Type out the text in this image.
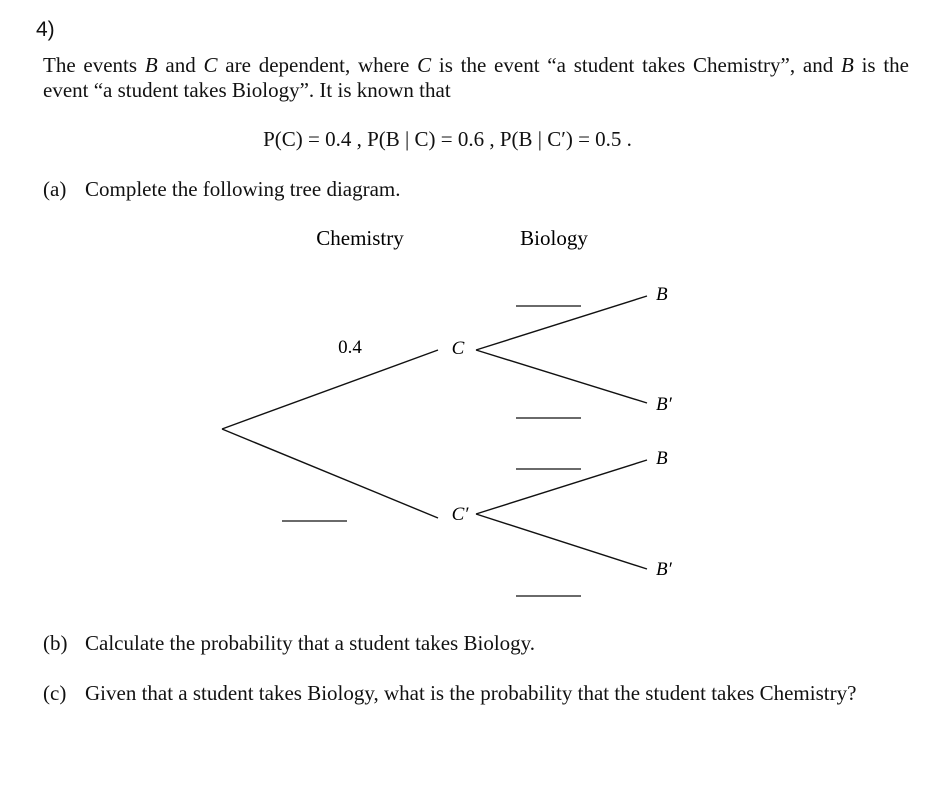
4)
The events B and C are dependent, where C is the event “a student takes Chemistry”, and B is the event “a student takes Biology”. It is known that
P(C) = 0.4 , P(B | C) = 0.6 , P(B | C′) = 0.5 .
(a) Complete the following tree diagram.
Chemistry	Biology
0.4	C
C′
B
B′
B
B′
(b) Calculate the probability that a student takes Biology.
(c) Given that a student takes Biology, what is the probability that the student takes Chemistry?
